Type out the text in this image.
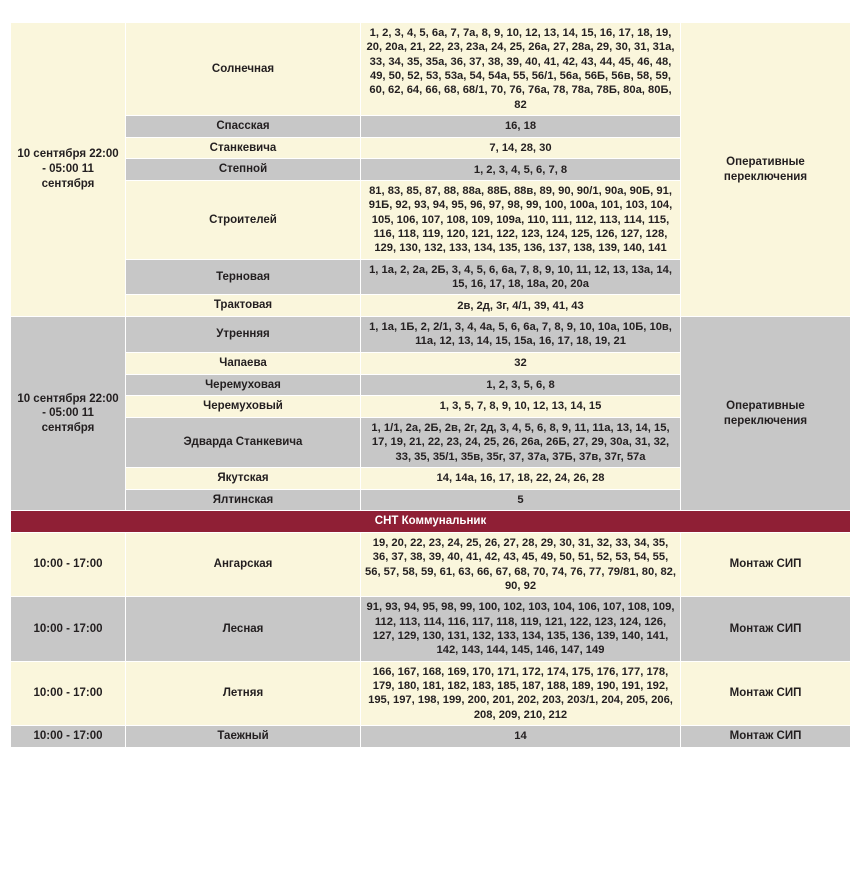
10 сентября 22:00 - 05:00 11 сентября	Солнечная	1, 2, 3, 4, 5, 6а, 7, 7а, 8, 9, 10, 12, 13, 14, 15, 16, 17, 18, 19, 20, 20а, 21, 22, 23, 23а, 24, 25, 26а, 27, 28а, 29, 30, 31, 31а, 33, 34, 35, 35а, 36, 37, 38, 39, 40, 41, 42, 43, 44, 45, 46, 48, 49, 50, 52, 53, 53а, 54, 54а, 55, 56/1, 56а, 56Б, 56в, 58, 59, 60, 62, 64, 66, 68, 68/1, 70, 76, 76а, 78, 78а, 78Б, 80а, 80Б, 82	Оперативные переключения
	Спасская	16, 18	
	Станкевича	7, 14, 28, 30	
	Степной	1, 2, 3, 4, 5, 6, 7, 8	
	Строителей	81, 83, 85, 87, 88, 88а, 88Б, 88в, 89, 90, 90/1, 90а, 90Б, 91, 91Б, 92, 93, 94, 95, 96, 97, 98, 99, 100, 100а, 101, 103, 104, 105, 106, 107, 108, 109, 109а, 110, 111, 112, 113, 114, 115, 116, 118, 119, 120, 121, 122, 123, 124, 125, 126, 127, 128, 129, 130, 132, 133, 134, 135, 136, 137, 138, 139, 140, 141	
	Терновая	1, 1а, 2, 2а, 2Б, 3, 4, 5, 6, 6а, 7, 8, 9, 10, 11, 12, 13, 13а, 14, 15, 16, 17, 18, 18а, 20, 20а	
	Трактовая	2в, 2д, 3г, 4/1, 39, 41, 43	
10 сентября 22:00 - 05:00 11 сентября	Утренняя	1, 1а, 1Б, 2, 2/1, 3, 4, 4а, 5, 6, 6а, 7, 8, 9, 10, 10а, 10Б, 10в, 11а, 12, 13, 14, 15, 15а, 16, 17, 18, 19, 21	Оперативные переключения
	Чапаева	32	
	Черемуховая	1, 2, 3, 5, 6, 8	
	Черемуховый	1, 3, 5, 7, 8, 9, 10, 12, 13, 14, 15	
	Эдварда Станкевича	1, 1/1, 2а, 2Б, 2в, 2г, 2д, 3, 4, 5, 6, 8, 9, 11, 11а, 13, 14, 15, 17, 19, 21, 22, 23, 24, 25, 26, 26а, 26Б, 27, 29, 30а, 31, 32, 33, 35, 35/1, 35в, 35г, 37, 37а, 37Б, 37в, 37г, 57а	
	Якутская	14, 14а, 16, 17, 18, 22, 24, 26, 28	
	Ялтинская	5	
СНТ Коммунальник			
10:00 - 17:00	Ангарская	19, 20, 22, 23, 24, 25, 26, 27, 28, 29, 30, 31, 32, 33, 34, 35, 36, 37, 38, 39, 40, 41, 42, 43, 45, 49, 50, 51, 52, 53, 54, 55, 56, 57, 58, 59, 61, 63, 66, 67, 68, 70, 74, 76, 77, 79/81, 80, 82, 90, 92	Монтаж СИП
10:00 - 17:00	Лесная	91, 93, 94, 95, 98, 99, 100, 102, 103, 104, 106, 107, 108, 109, 112, 113, 114, 116, 117, 118, 119, 121, 122, 123, 124, 126, 127, 129, 130, 131, 132, 133, 134, 135, 136, 139, 140, 141, 142, 143, 144, 145, 146, 147, 149	Монтаж СИП
10:00 - 17:00	Летняя	166, 167, 168, 169, 170, 171, 172, 174, 175, 176, 177, 178, 179, 180, 181, 182, 183, 185, 187, 188, 189, 190, 191, 192, 195, 197, 198, 199, 200, 201, 202, 203, 203/1, 204, 205, 206, 208, 209, 210, 212	Монтаж СИП
10:00 - 17:00	Таежный	14	Монтаж СИП
